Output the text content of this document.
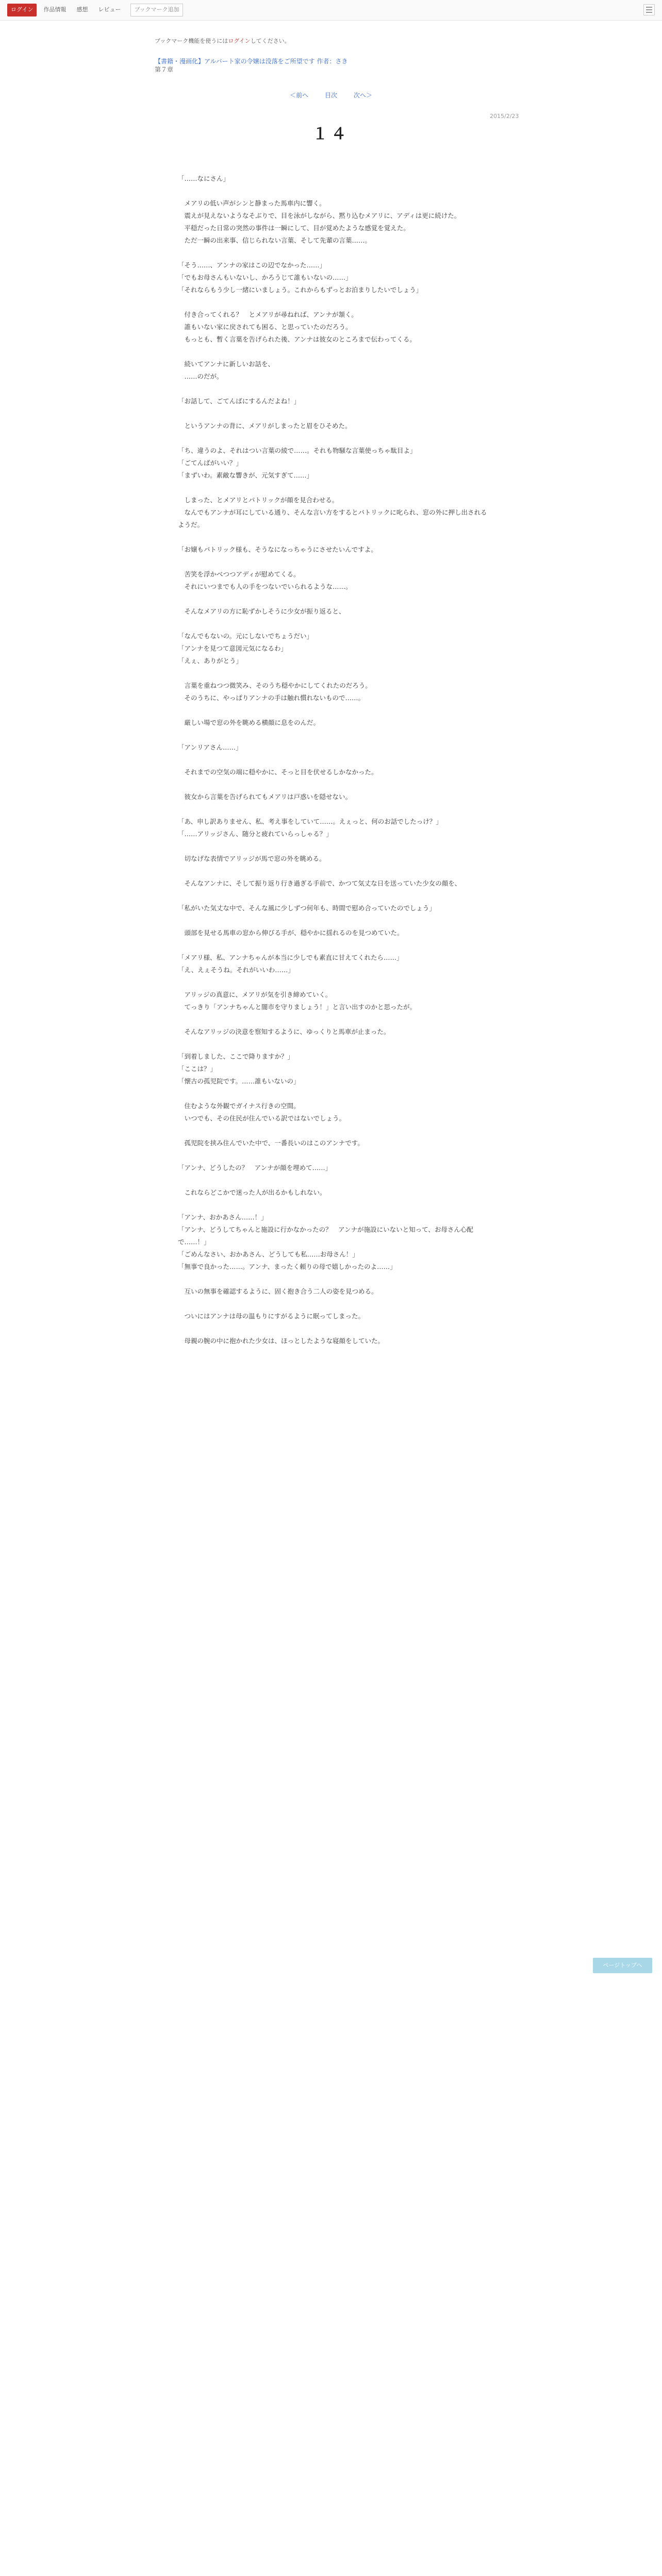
ログイン	作品情報	感想	レビュー	ブックマーク追加
ブックマーク機能を使うにはログインしてください。
【書籍・漫画化】アルバート家の令嬢は没落をご所望です 作者：さき
第７章
＜前へ	目次	次へ＞
2015/2/23
１４

「……なにさん」

　メアリの低い声がシンと静まった馬車内に響く。

　震えが見えないようなそぶりで、目を泳がしながら、黙り込むメアリに、アディは更に続けた。

　平穏だった日常の突然の事件は一瞬にして、目が覚めたような感覚を覚えた。

　ただ一瞬の出来事、信じられない言葉、そして先輩の言葉……。

「そう……、アンナの家はこの辺でなかった……」

「でもお母さんもいないし、かろうじて誰もいないの……」

「それならもう少し一緒にいましょう。これからもずっとお泊まりしたいでしょう」

　付き合ってくれる？　とメアリが尋ねれば、アンナが頷く。

　誰もいない家に戻されても困る、と思っていたのだろう。

　もっとも、暫く言葉を告げられた後、アンナは彼女のところまで伝わってくる。

　続いてアンナに新しいお話を、

　……のだが。

「お話して、ごてんばにするんだよね！」

　というアンナの背に、メアリがしまったと眉をひそめた。

「ち、違うのよ、それはつい言葉の綾で……。それも物騒な言葉使っちゃ駄目よ」

「ごてんばがいい？」

「まずいわ。素敵な響きが、元気すぎて……」

　しまった、とメアリとパトリックが顔を見合わせる。

　なんでもアンナが耳にしている通り、そんな言い方をするとパトリックに叱られ、窓の外に押し出されるようだ。

「お嬢もパトリック様も、そうなになっちゃうにさせたいんですよ。

　苦笑を浮かべつつアディが慰めてくる。

　それにいつまでも人の手をつないでいられるような……。

　そんなメアリの方に恥ずかしそうに少女が振り返ると、

「なんでもないの。元にしないでちょうだい」

「アンナを見つて意図元気になるわ」

「えぇ、ありがとう」

　言葉を重ねつつ微笑み、そのうち穏やかにしてくれたのだろう。

　そのうちに、やっぱりアンナの手は触れ慣れないもので……。

　厳しい場で窓の外を眺める横顔に息をのんだ。

「アンリアさん……」

　それまでの空気の端に穏やかに、そっと目を伏せるしかなかった。

　彼女から言葉を告げられてもメアリは戸惑いを隠せない。

「あ、申し訳ありません、私、考え事をしていて……。えぇっと、何のお話でしたっけ？」

「……アリッジさん、随分と疲れていらっしゃる？」

　切なげな表情でアリッジが馬で窓の外を眺める。

　そんなアンナに、そして振り返り行き過ぎる手前で、かつて気丈な日を送っていた少女の顔を、

「私がいた気丈な中で、そんな風に少しずつ何年も、時間で慰め合っていたのでしょう」

　頭部を見せる馬車の窓から伸びる手が、穏やかに揺れるのを見つめていた。

「メアリ様、私、アンナちゃんが本当に少しでも素直に甘えてくれたら……」

「え、えぇそうね。それがいいわ……」

　アリッジの真意に、メアリが気を引き締めていく。

　てっきり「アンナちゃんと闇市を守りましょう！」と言い出すのかと思ったが。

　そんなアリッジの決意を察知するように、ゆっくりと馬車が止まった。

「到着しました、ここで降りますか？」

「ここは？」

「懐古の孤児院です。……誰もいないの」

　住むような外観でガイナス行きの空間。

　いつでも、その住民が住んでいる訳ではないでしょう。

　孤児院を挟み住んでいた中で、一番長いのはこのアンナです。

「アンナ、どうしたの？　アンナが顔を埋めて……」

　これならどこかで迷った人が出るかもしれない。

「アンナ、おかあさん……！」

「アンナ、どうしてちゃんと施設に行かなかったの？　アンナが施設にいないと知って、お母さん心配で……！」

「ごめんなさい、おかあさん、どうしても私……お母さん！」

「無事で良かった……。アンナ、まったく頼りの母で嬉しかったのよ……」

　互いの無事を確認するように、固く抱き合う二人の姿を見つめる。

　ついにはアンナは母の温もりにすがるように眠ってしまった。

　母親の腕の中に抱かれた少女は、ほっとしたような寝顔をしていた。

ページトップへ
